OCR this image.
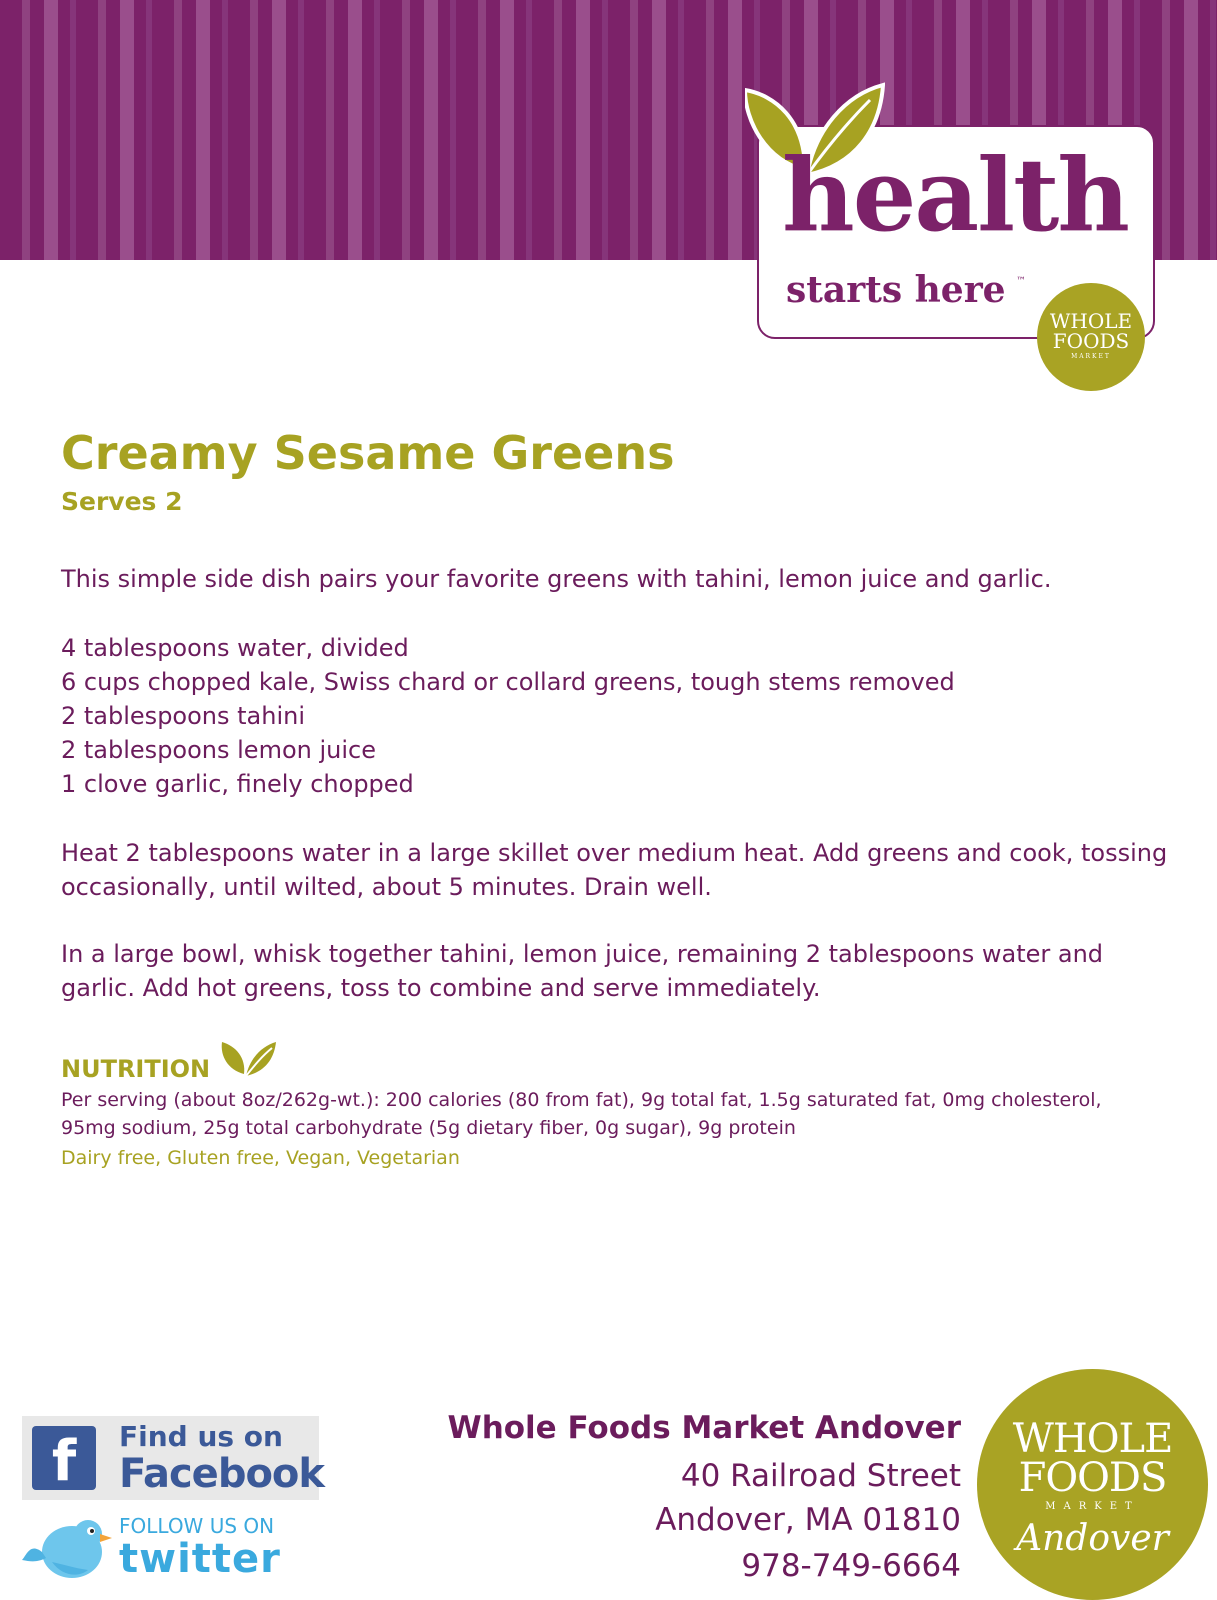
health
starts here ™
WHOLE
FOODS
MARKET
Creamy Sesame Greens
Serves 2
This simple side dish pairs your favorite greens with tahini, lemon juice and garlic.
4 tablespoons water, divided
6 cups chopped kale, Swiss chard or collard greens, tough stems removed
2 tablespoons tahini
2 tablespoons lemon juice
1 clove garlic, finely chopped
Heat 2 tablespoons water in a large skillet over medium heat. Add greens and cook, tossing occasionally, until wilted, about 5 minutes. Drain well.
In a large bowl, whisk together tahini, lemon juice, remaining 2 tablespoons water and garlic. Add hot greens, toss to combine and serve immediately.
NUTRITION
Per serving (about 8oz/262g-wt.): 200 calories (80 from fat), 9g total fat, 1.5g saturated fat, 0mg cholesterol, 95mg sodium, 25g total carbohydrate (5g dietary fiber, 0g sugar), 9g protein
Dairy free, Gluten free, Vegan, Vegetarian
f	Find us on
Facebook
FOLLOW US ON
twitter
Whole Foods Market Andover
40 Railroad Street
Andover, MA 01810
978-749-6664
WHOLE
FOODS
MARKET
Andover
